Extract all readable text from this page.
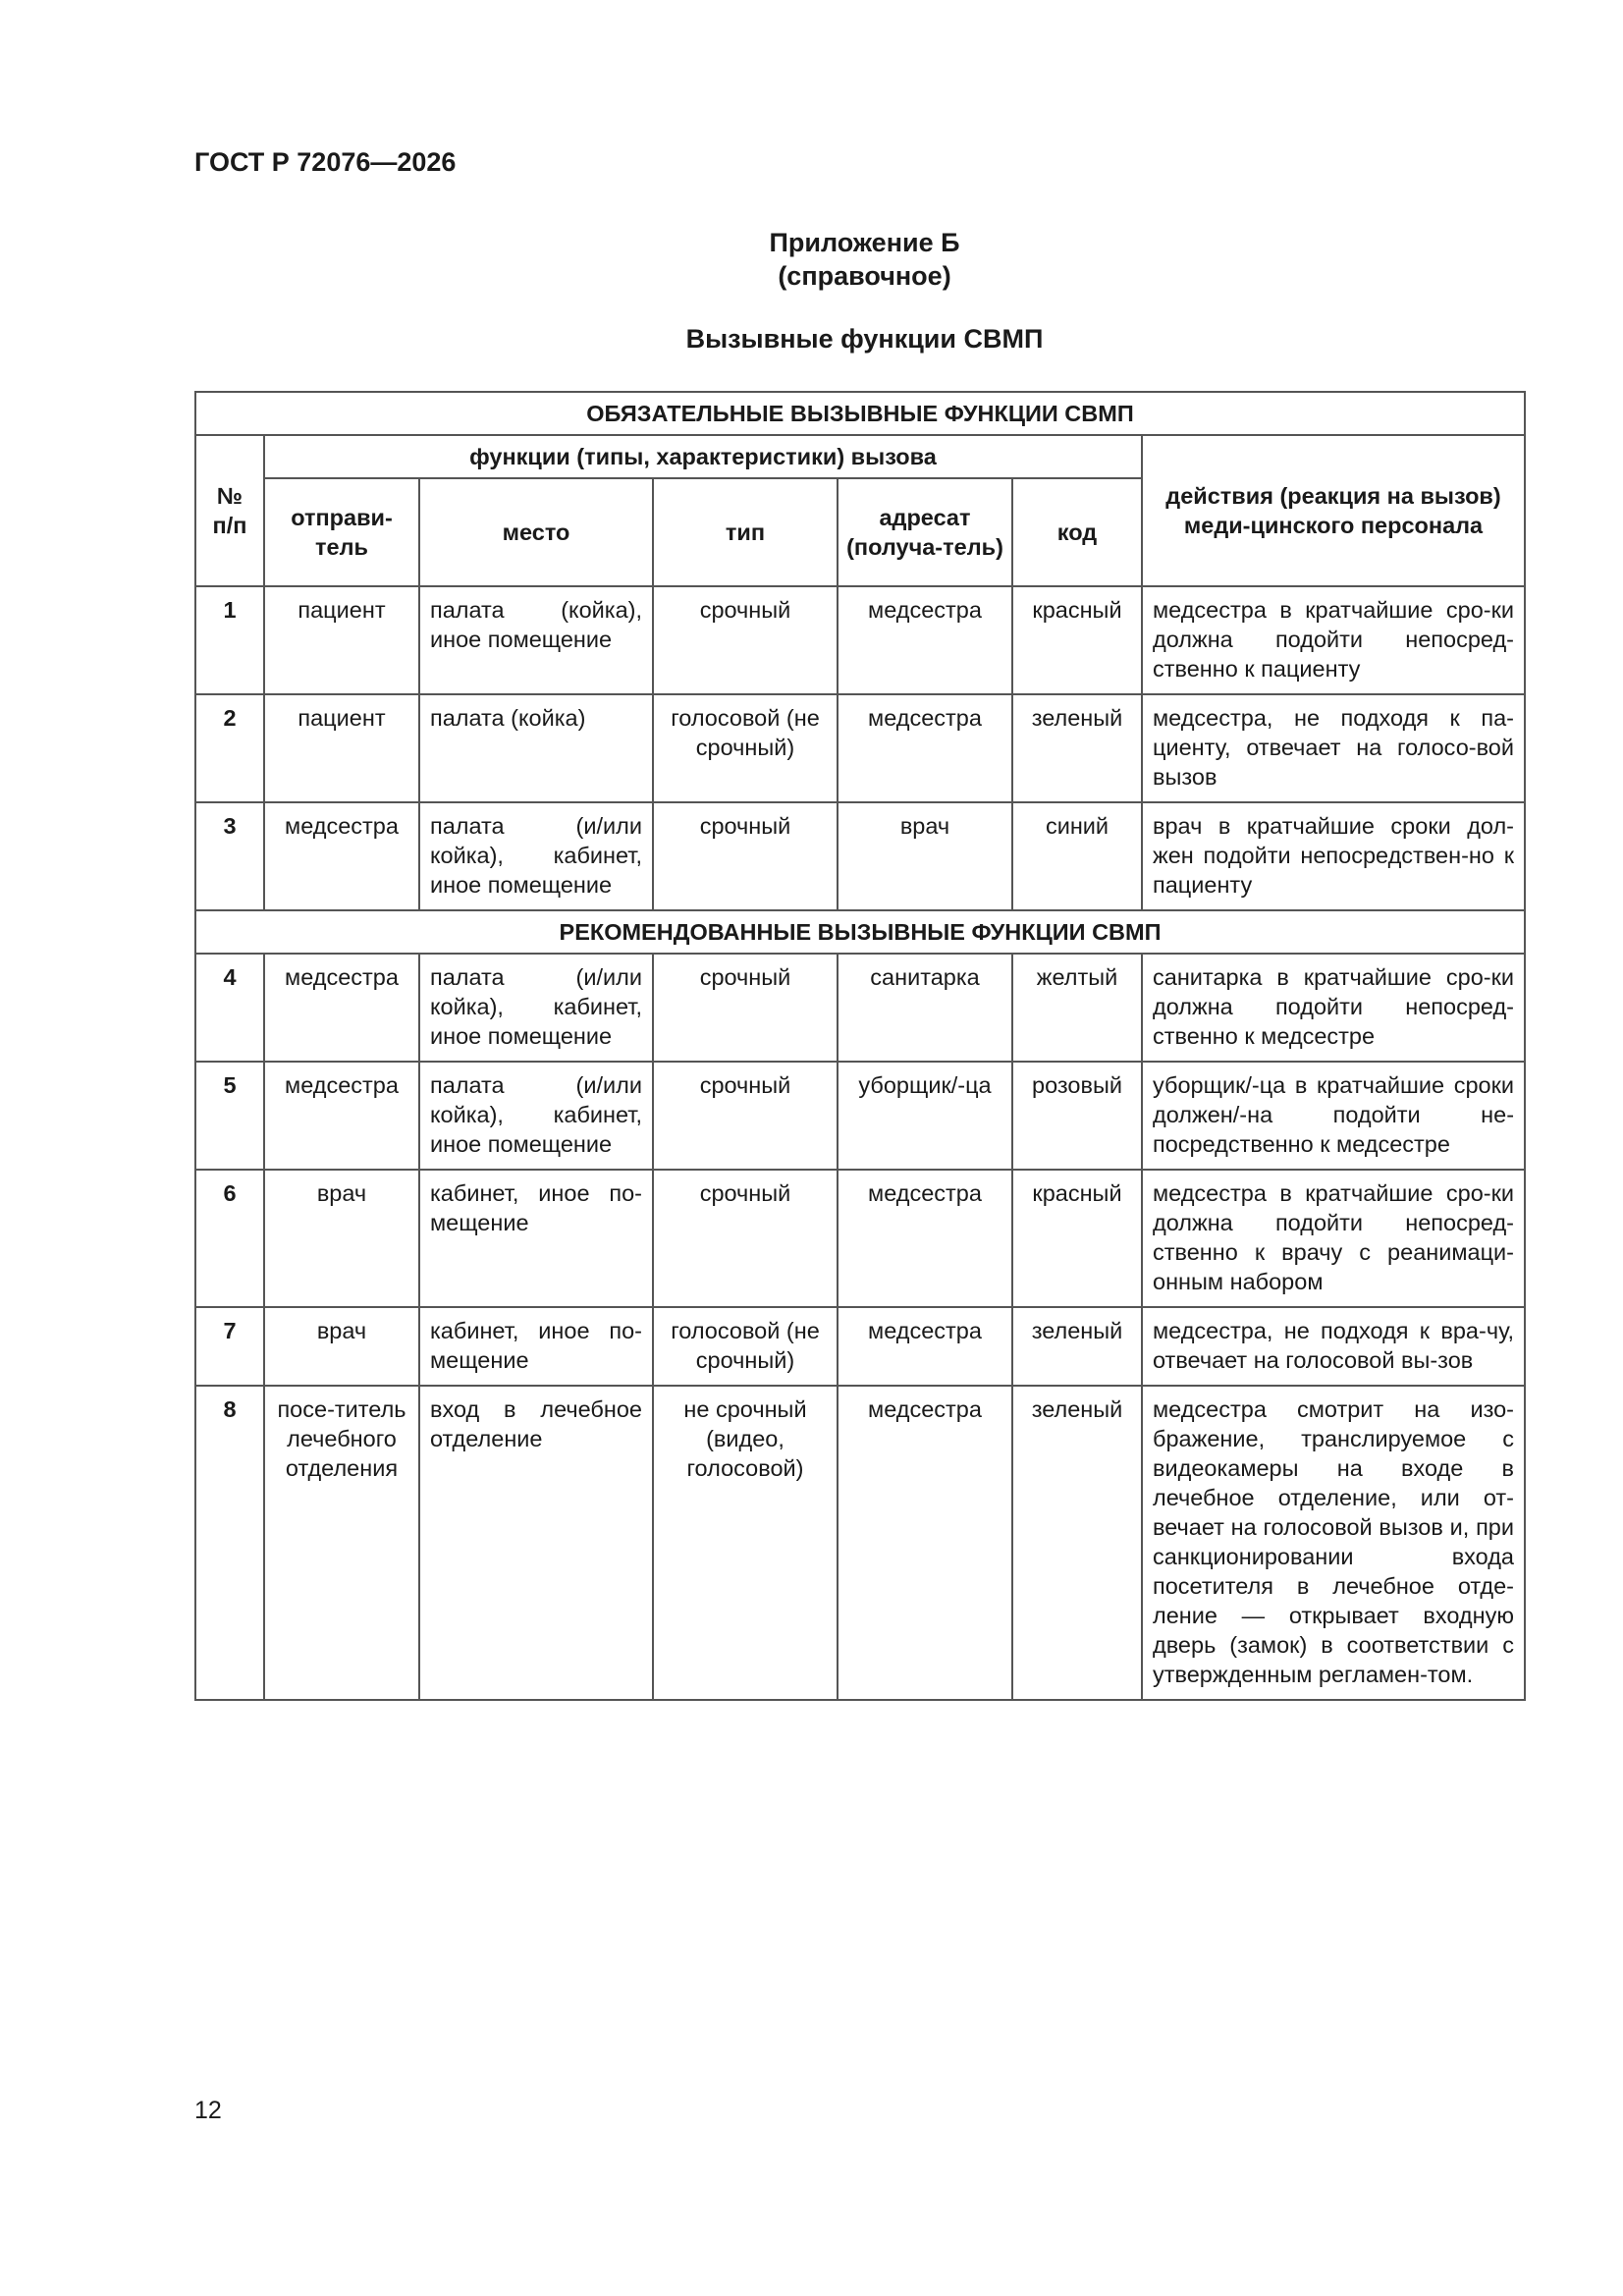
ГОСТ Р 72076—2026
Приложение Б
(справочное)
Вызывные функции СВМП
ОБЯЗАТЕЛЬНЫЕ ВЫЗЫВНЫЕ ФУНКЦИИ СВМП						
№ п/п	функции (типы, характеристики) вызова					действия (реакция на вызов) меди-цинского персонала
	отправи-тель	место	тип	адресат (получа-тель)	код	
1	пациент	палата (койка), иное помещение	срочный	медсестра	красный	медсестра в кратчайшие сро-ки должна подойти непосред-ственно к пациенту
2	пациент	палата (койка)	голосовой (не срочный)	медсестра	зеленый	медсестра, не подходя к па-циенту, отвечает на голосо-вой вызов
3	медсестра	палата (и/или койка), кабинет, иное помещение	срочный	врач	синий	врач в кратчайшие сроки дол-жен подойти непосредствен-но к пациенту
РЕКОМЕНДОВАННЫЕ ВЫЗЫВНЫЕ ФУНКЦИИ СВМП						
4	медсестра	палата (и/или койка), кабинет, иное помещение	срочный	санитарка	желтый	санитарка в кратчайшие сро-ки должна подойти непосред-ственно к медсестре
5	медсестра	палата (и/или койка), кабинет, иное помещение	срочный	уборщик/-ца	розовый	уборщик/-ца в кратчайшие сроки должен/-на подойти не-посредственно к медсестре
6	врач	кабинет, иное по-мещение	срочный	медсестра	красный	медсестра в кратчайшие сро-ки должна подойти непосред-ственно к врачу с реанимаци-онным набором
7	врач	кабинет, иное по-мещение	голосовой (не срочный)	медсестра	зеленый	медсестра, не подходя к вра-чу, отвечает на голосовой вы-зов
8	посе-титель лечебного отделения	вход в лечебное отделение	не срочный (видео, голосовой)	медсестра	зеленый	медсестра смотрит на изо-бражение, транслируемое с видеокамеры на входе в лечебное отделение, или от-вечает на голосовой вызов и, при санкционировании входа посетителя в лечебное отде-ление — открывает входную дверь (замок) в соответствии с утвержденным регламен-том.
12
